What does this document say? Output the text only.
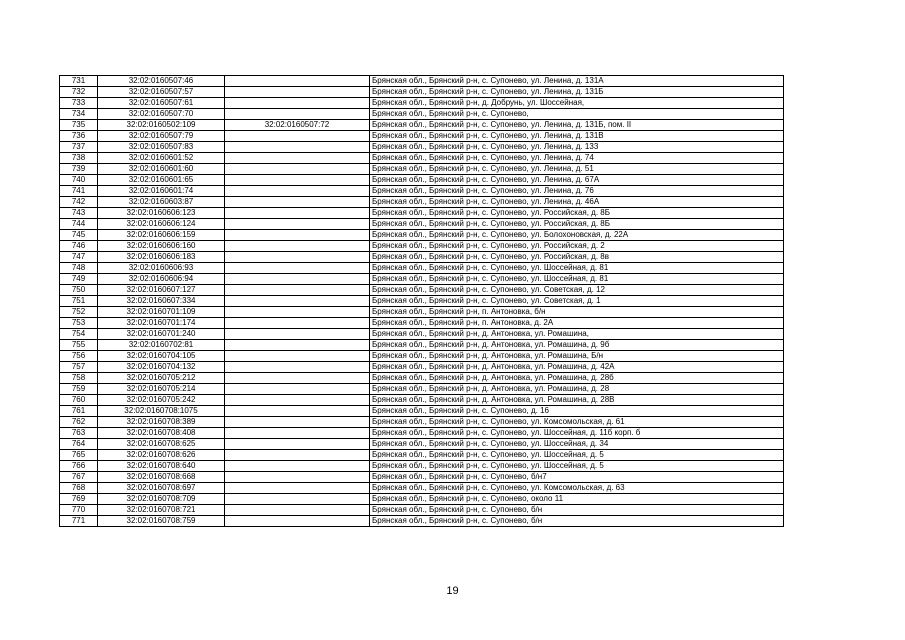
731	32:02:0160507:46		Брянская обл., Брянский р-н, с. Супонево, ул. Ленина, д. 131А
732	32:02:0160507:57		Брянская обл., Брянский р-н, с. Супонево, ул. Ленина, д. 131Б
733	32:02:0160507:61		Брянская обл., Брянский р-н, д. Добрунь, ул. Шоссейная,
734	32:02:0160507:70		Брянская обл., Брянский р-н, с. Супонево,
735	32:02:0160502:109	32:02:0160507:72	Брянская обл., Брянский р-н, с. Супонево, ул. Ленина, д. 131Б, пом. II
736	32:02:0160507:79		Брянская обл., Брянский р-н, с. Супонево, ул. Ленина, д. 131В
737	32:02:0160507:83		Брянская обл., Брянский р-н, с. Супонево, ул. Ленина, д. 133
738	32:02:0160601:52		Брянская обл., Брянский р-н, с. Супонево, ул. Ленина, д. 74
739	32:02:0160601:60		Брянская обл., Брянский р-н, с. Супонево, ул. Ленина, д. 51
740	32:02:0160601:65		Брянская обл., Брянский р-н, с. Супонево, ул. Ленина, д. 67А
741	32:02:0160601:74		Брянская обл., Брянский р-н, с. Супонево, ул. Ленина, д. 76
742	32:02:0160603:87		Брянская обл., Брянский р-н, с. Супонево, ул. Ленина, д. 46А
743	32:02:0160606:123		Брянская обл., Брянский р-н, с. Супонево, ул. Российская, д. 8Б
744	32:02:0160606:124		Брянская обл., Брянский р-н, с. Супонево, ул. Российская, д. 8Б
745	32:02:0160606:159		Брянская обл., Брянский р-н, с. Супонево, ул. Болохоновская, д. 22А
746	32:02:0160606:160		Брянская обл., Брянский р-н, с. Супонево, ул. Российская, д. 2
747	32:02:0160606:183		Брянская обл., Брянский р-н, с. Супонево, ул. Российская, д. 8в
748	32:02:0160606:93		Брянская обл., Брянский р-н, с. Супонево, ул. Шоссейная, д. 81
749	32:02:0160606:94		Брянская обл., Брянский р-н, с. Супонево, ул. Шоссейная, д. 81
750	32:02:0160607:127		Брянская обл., Брянский р-н, с. Супонево, ул. Советская, д. 12
751	32:02:0160607:334		Брянская обл., Брянский р-н, с. Супонево, ул. Советская, д. 1
752	32:02:0160701:109		Брянская обл., Брянский р-н, п. Антоновка, б/н
753	32:02:0160701:174		Брянская обл., Брянский р-н, п. Антоновка, д. 2А
754	32:02:0160701:240		Брянская обл., Брянский р-н, д. Антоновка, ул. Ромашина,
755	32:02:0160702:81		Брянская обл., Брянский р-н, д. Антоновка, ул. Ромашина, д. 9б
756	32:02:0160704:105		Брянская обл., Брянский р-н, д. Антоновка, ул. Ромашина, Б/н
757	32:02:0160704:132		Брянская обл., Брянский р-н, д. Антоновка, ул. Ромашина, д. 42А
758	32:02:0160705:212		Брянская обл., Брянский р-н, д. Антоновка, ул. Ромашина, д. 28б
759	32:02:0160705:214		Брянская обл., Брянский р-н, д. Антоновка, ул. Ромашина, д. 28
760	32:02:0160705:242		Брянская обл., Брянский р-н, д. Антоновка, ул. Ромашина, д. 28В
761	32:02:0160708:1075		Брянская обл., Брянский р-н, с. Супонево, д. 16
762	32:02:0160708:389		Брянская обл., Брянский р-н, с. Супонево, ул. Комсомольская, д. 61
763	32:02:0160708:408		Брянская обл., Брянский р-н, с. Супонево, ул. Шоссейная, д. 11б корп. б
764	32:02:0160708:625		Брянская обл., Брянский р-н, с. Супонево, ул. Шоссейная, д. 34
765	32:02:0160708:626		Брянская обл., Брянский р-н, с. Супонево, ул. Шоссейная, д. 5
766	32:02:0160708:640		Брянская обл., Брянский р-н, с. Супонево, ул. Шоссейная, д. 5
767	32:02:0160708:668		Брянская обл., Брянский р-н, с. Супонево, б/н7
768	32:02:0160708:697		Брянская обл., Брянский р-н, с. Супонево, ул. Комсомольская, д. 63
769	32:02:0160708:709		Брянская обл., Брянский р-н, с. Супонево, около 11
770	32:02:0160708:721		Брянская обл., Брянский р-н, с. Супонево, б/н
771	32:02:0160708:759		Брянская обл., Брянский р-н, с. Супонево, б/н
19
